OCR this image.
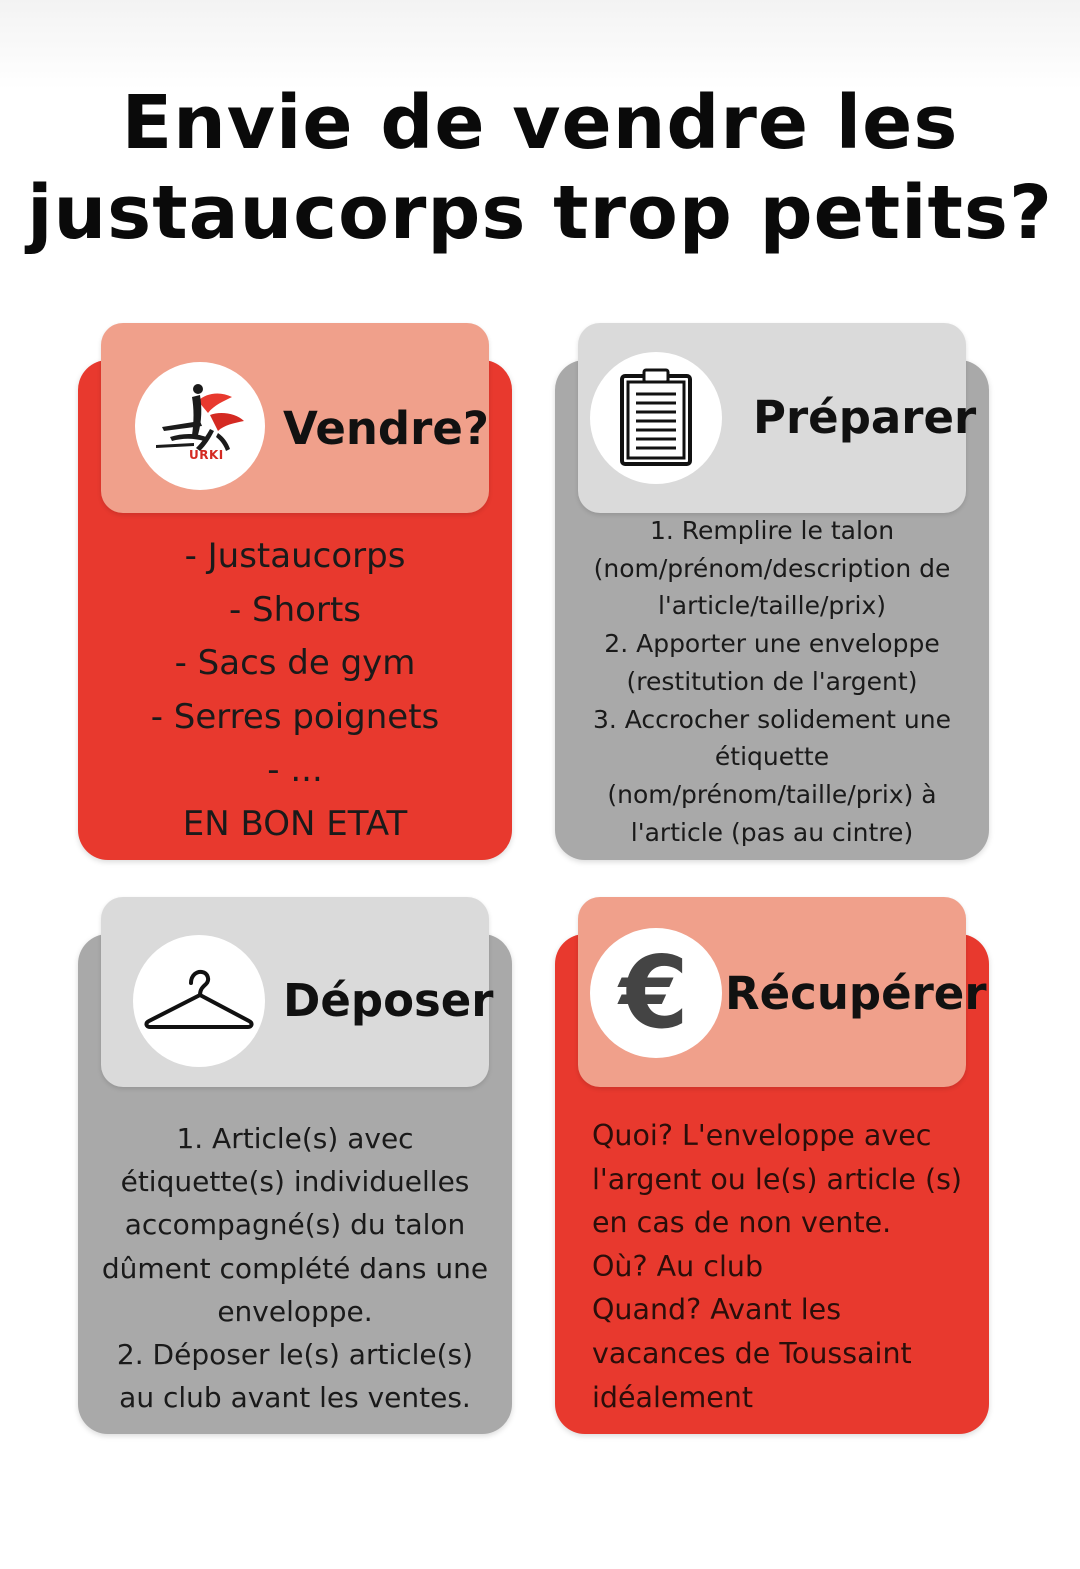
Envie de vendre les
justaucorps trop petits?
URKI Vendre?
- Justaucorps
- Shorts
- Sacs de gym
- Serres poignets
- ...
EN BON ETAT
Préparer
1. Remplire le talon
(nom/prénom/description de
l'article/taille/prix)
2. Apporter une enveloppe
(restitution de l'argent)
3. Accrocher solidement une
étiquette
(nom/prénom/taille/prix) à
l'article (pas au cintre)
Déposer
1. Article(s) avec
étiquette(s) individuelles
accompagné(s) du talon
dûment complété dans une
enveloppe.
2. Déposer le(s) article(s)
au club avant les ventes.
€ Récupérer
Quoi? L'enveloppe avec
l'argent ou le(s) article (s)
en cas de non vente.
Où? Au club
Quand? Avant les
vacances de Toussaint
idéalement
